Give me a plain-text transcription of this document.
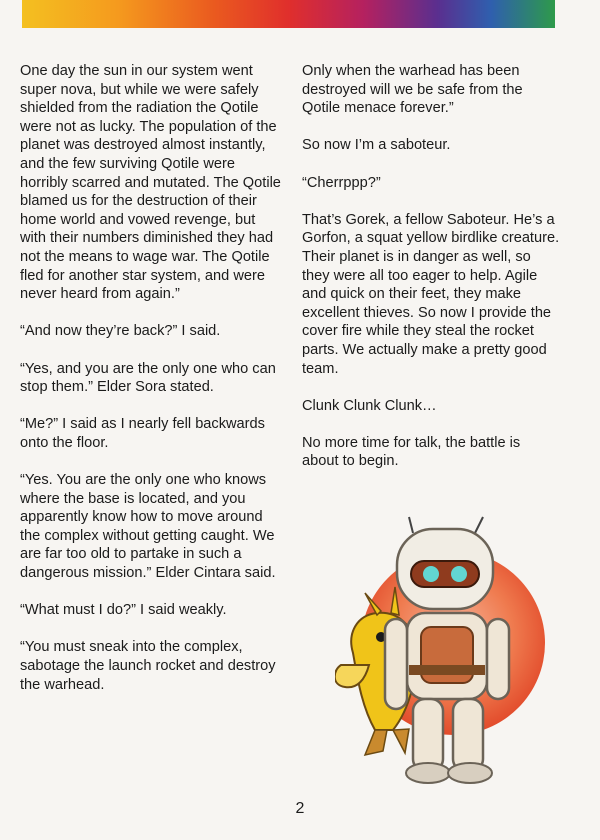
One day the sun in our system went super nova, but while we were safely shielded from the radiation the Qotile were not as lucky. The population of the planet was destroyed almost instantly, and the few surviving Qotile were horribly scarred and mutated. The Qotile blamed us for the destruction of their home world and vowed revenge, but with their numbers diminished they had not the means to wage war. The Qotile fled for another star system, and were never heard from again.”

“And now they’re back?” I said.

“Yes, and you are the only one who can stop them.” Elder Sora stated.

“Me?” I said as I nearly fell backwards onto the floor.

“Yes. You are the only one who knows where the base is located, and you apparently know how to move around the complex without getting caught. We are far too old to partake in such a dangerous mission.” Elder Cintara said.

“What must I do?” I said weakly.

“You must sneak into the complex, sabotage the launch rocket and destroy the warhead.

Only when the warhead has been destroyed will we be safe from the Qotile menace forever.”

So now I’m a saboteur.

“Cherrppp?”

That’s Gorek, a fellow Saboteur. He’s a Gorfon, a squat yellow birdlike creature. Their planet is in danger as well, so they were all too eager to help. Agile and quick on their feet, they make excellent thieves. So now I provide the cover fire while they steal the rocket parts. We actually make a pretty good team.

Clunk Clunk Clunk…

No more time for talk, the battle is about to begin.

2
